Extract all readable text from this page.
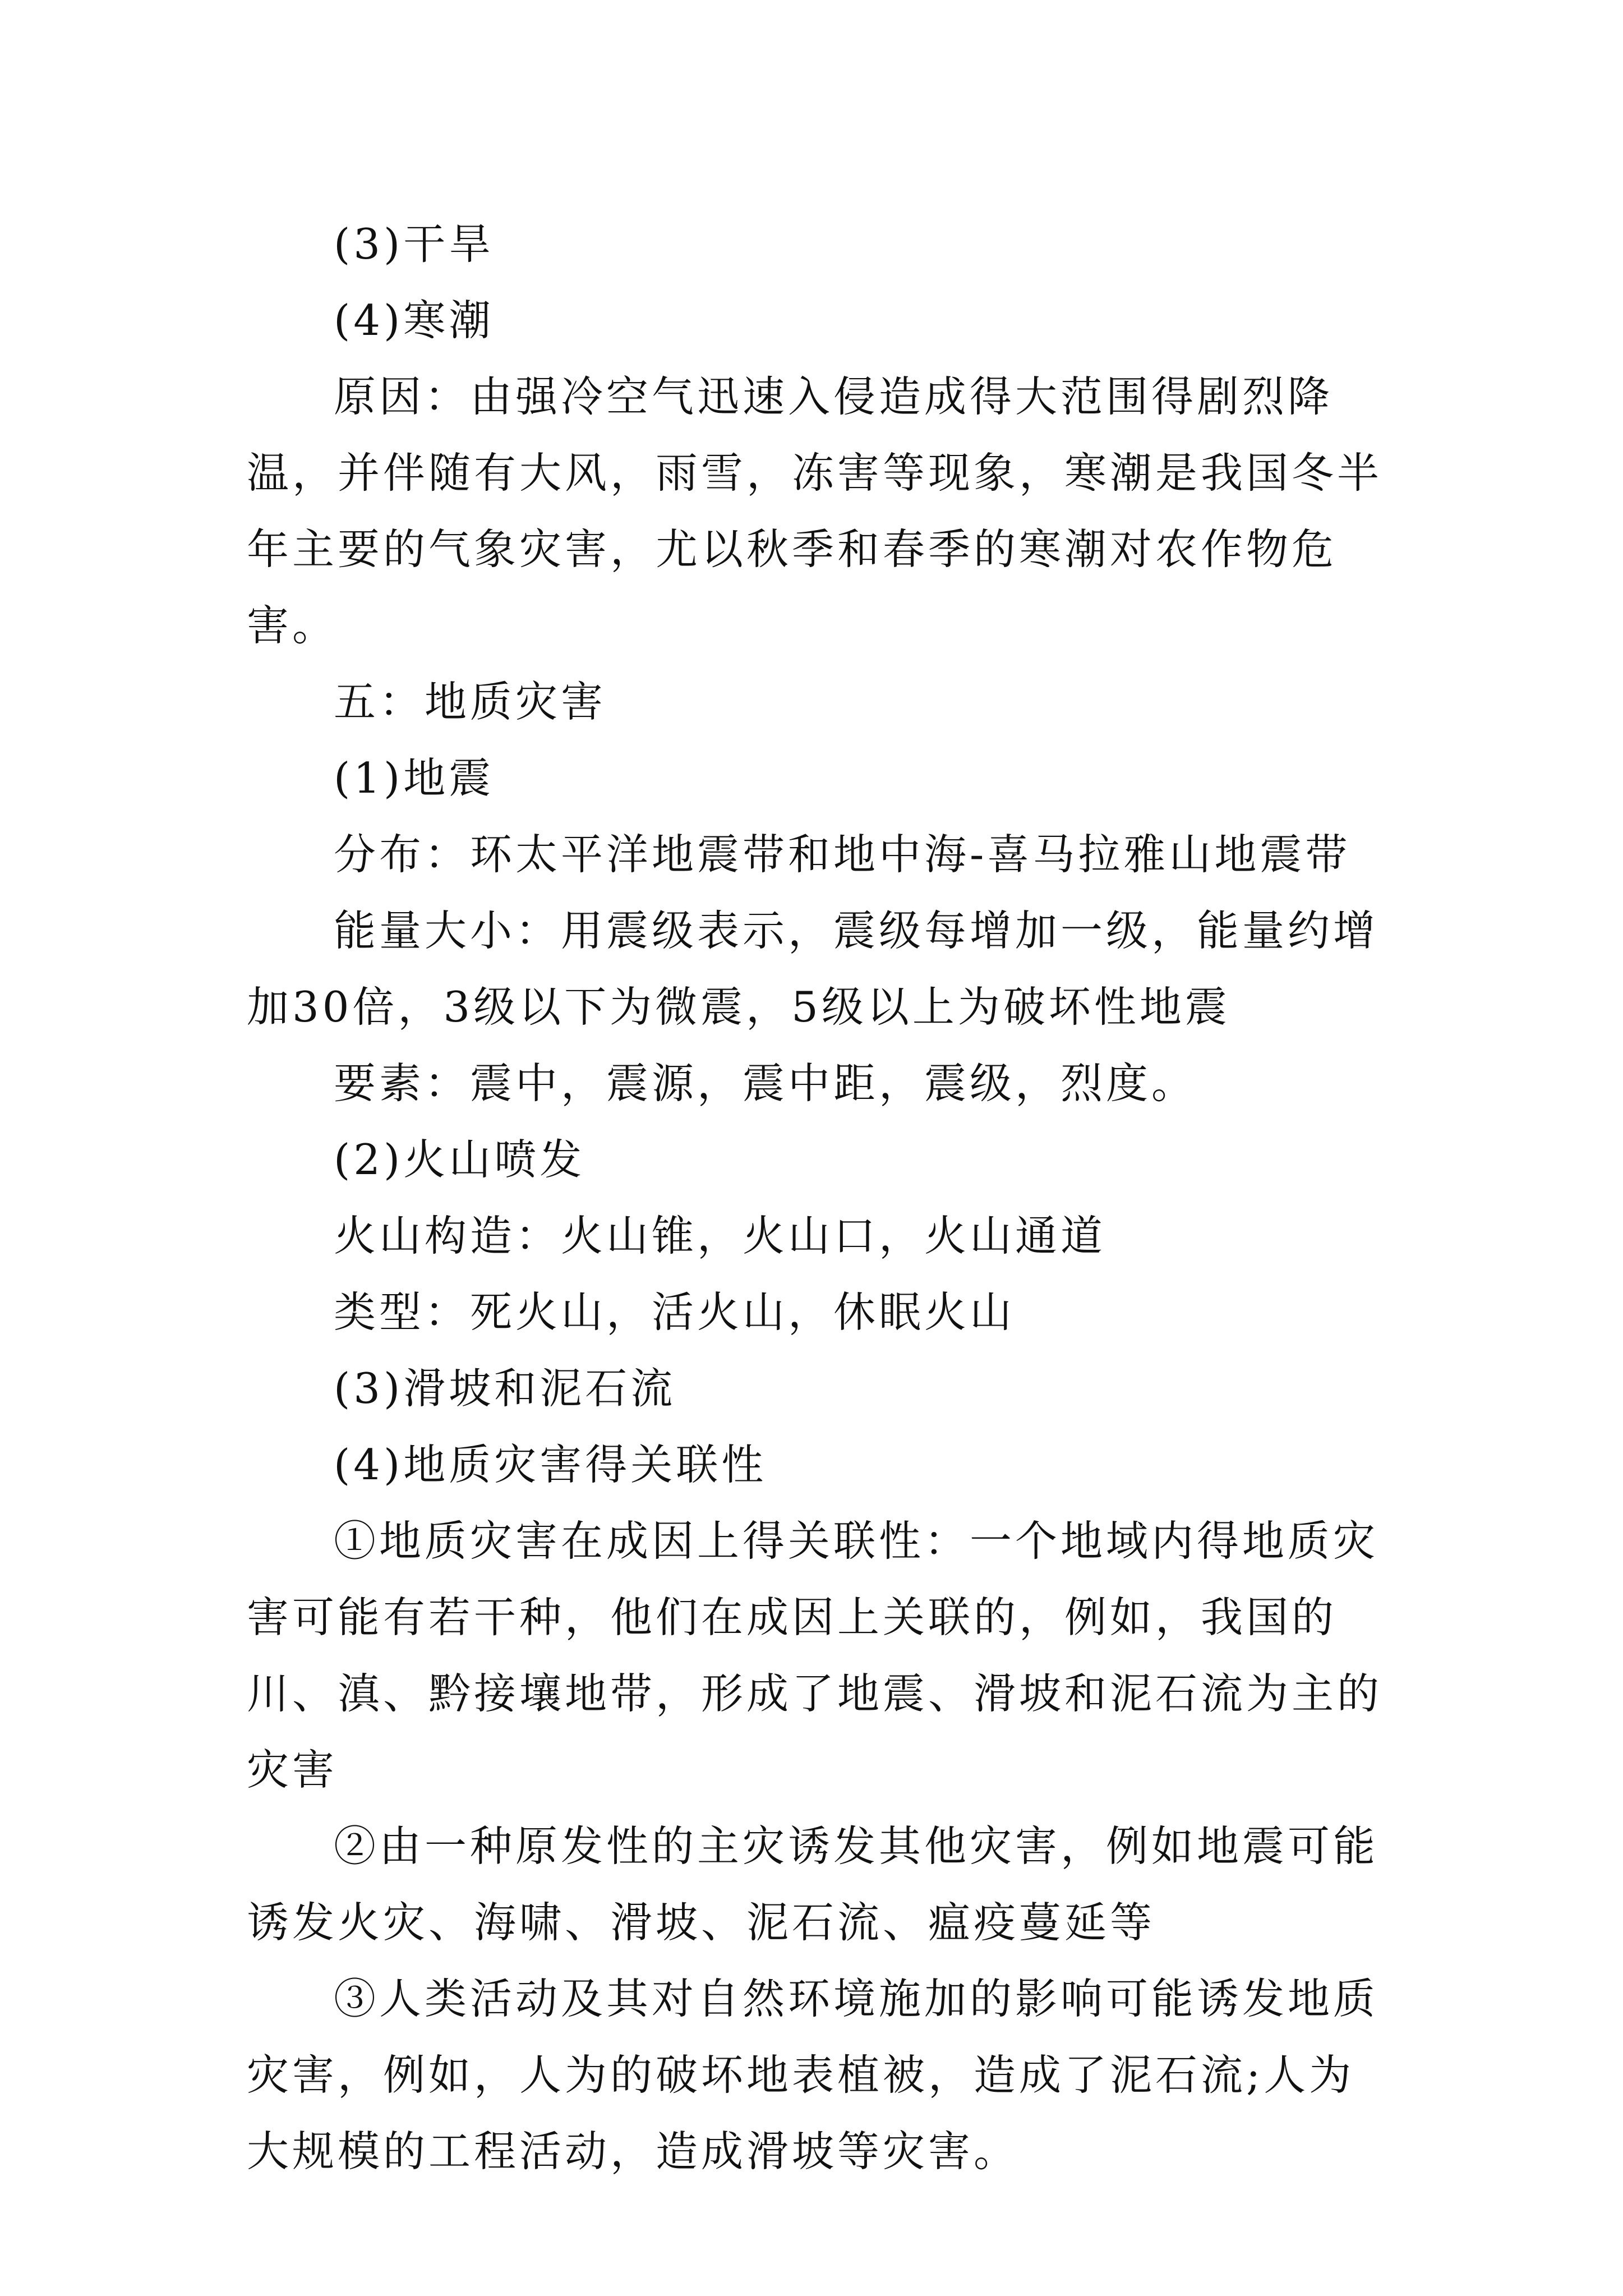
(3)干旱

(4)寒潮

原因：由强冷空气迅速入侵造成得大范围得剧烈降温，并伴随有大风，雨雪，冻害等现象，寒潮是我国冬半年主要的气象灾害，尤以秋季和春季的寒潮对农作物危害。

五：地质灾害

(1)地震

分布：环太平洋地震带和地中海-喜马拉雅山地震带

能量大小：用震级表示，震级每增加一级，能量约增加30倍，3级以下为微震，5级以上为破坏性地震

要素：震中，震源，震中距，震级，烈度。

(2)火山喷发

火山构造：火山锥，火山口，火山通道

类型：死火山，活火山，休眠火山

(3)滑坡和泥石流

(4)地质灾害得关联性

①地质灾害在成因上得关联性：一个地域内得地质灾害可能有若干种，他们在成因上关联的，例如，我国的川、滇、黔接壤地带，形成了地震、滑坡和泥石流为主的灾害

②由一种原发性的主灾诱发其他灾害，例如地震可能诱发火灾、海啸、滑坡、泥石流、瘟疫蔓延等

③人类活动及其对自然环境施加的影响可能诱发地质灾害，例如，人为的破坏地表植被，造成了泥石流;人为大规模的工程活动，造成滑坡等灾害。
